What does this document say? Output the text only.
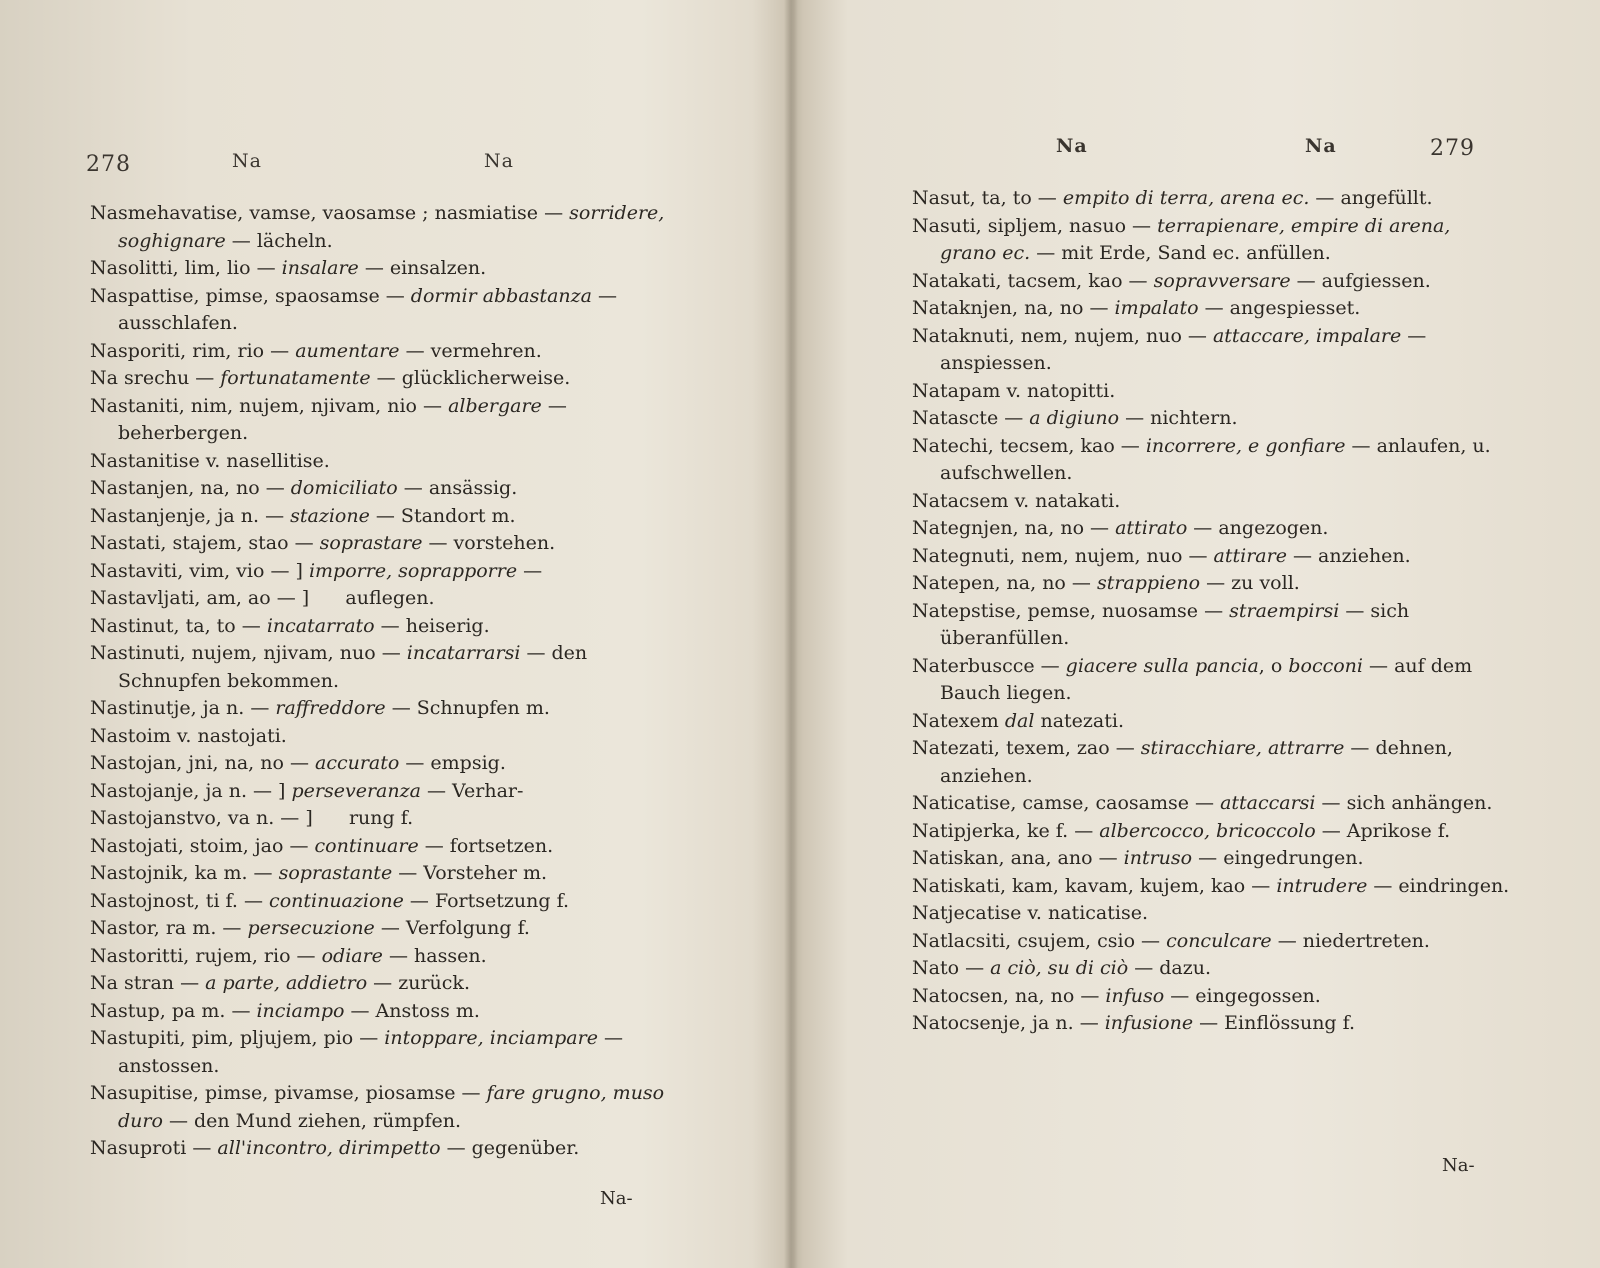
278	Na	Na
Nasmehavatise, vamse, vaosamse ; nasmiatise — sorridere, soghignare — lächeln.
Nasolitti, lim, lio — insalare — einsalzen.
Naspattise, pimse, spaosamse — dormir abbastanza — ausschlafen.
Nasporiti, rim, rio — aumentare — vermehren.
Na srechu — fortunatamente — glücklicherweise.
Nastaniti, nim, nujem, njivam, nio — albergare — beherbergen.
Nastanitise v. nasellitise.
Nastanjen, na, no — domiciliato — ansässig.
Nastanjenje, ja n. — stazione — Standort m.
Nastati, stajem, stao — soprastare — vorstehen.
Nastaviti, vim, vio — ] imporre, soprapporre —
Nastavljati, am, ao — ]      auflegen.
Nastinut, ta, to — incatarrato — heiserig.
Nastinuti, nujem, njivam, nuo — incatarrarsi — den Schnupfen bekommen.
Nastinutje, ja n. — raffreddore — Schnupfen m.
Nastoim v. nastojati.
Nastojan, jni, na, no — accurato — empsig.
Nastojanje, ja n. — ] perseveranza — Verhar-
Nastojanstvo, va n. — ]      rung f.
Nastojati, stoim, jao — continuare — fortsetzen.
Nastojnik, ka m. — soprastante — Vorsteher m.
Nastojnost, ti f. — continuazione — Fortsetzung f.
Nastor, ra m. — persecuzione — Verfolgung f.
Nastoritti, rujem, rio — odiare — hassen.
Na stran — a parte, addietro — zurück.
Nastup, pa m. — inciampo — Anstoss m.
Nastupiti, pim, pljujem, pio — intoppare, inciampare — anstossen.
Nasupitise, pimse, pivamse, piosamse — fare grugno, muso duro — den Mund ziehen, rümpfen.
Nasuproti — all'incontro, dirimpetto — gegenüber.
Na-
Na	Na	279
Nasut, ta, to — empito di terra, arena ec. — angefüllt.
Nasuti, sipljem, nasuo — terrapienare, empire di arena, grano ec. — mit Erde, Sand ec. anfüllen.
Natakati, tacsem, kao — sopravversare — aufgiessen.
Nataknjen, na, no — impalato — angespiesset.
Nataknuti, nem, nujem, nuo — attaccare, impalare — anspiessen.
Natapam v. natopitti.
Natascte — a digiuno — nichtern.
Natechi, tecsem, kao — incorrere, e gonfiare — anlaufen, u. aufschwellen.
Natacsem v. natakati.
Nategnjen, na, no — attirato — angezogen.
Nategnuti, nem, nujem, nuo — attirare — anziehen.
Natepen, na, no — strappieno — zu voll.
Natepstise, pemse, nuosamse — straempirsi — sich überanfüllen.
Naterbuscce — giacere sulla pancia, o bocconi — auf dem Bauch liegen.
Natexem dal natezati.
Natezati, texem, zao — stiracchiare, attrarre — dehnen, anziehen.
Naticatise, camse, caosamse — attaccarsi — sich anhängen.
Natipjerka, ke f. — albercocco, bricoccolo — Aprikose f.
Natiskan, ana, ano — intruso — eingedrungen.
Natiskati, kam, kavam, kujem, kao — intrudere — eindringen.
Natjecatise v. naticatise.
Natlacsiti, csujem, csio — conculcare — niedertreten.
Nato — a ciò, su di ciò — dazu.
Natocsen, na, no — infuso — eingegossen.
Natocsenje, ja n. — infusione — Einflössung f.
Na-
